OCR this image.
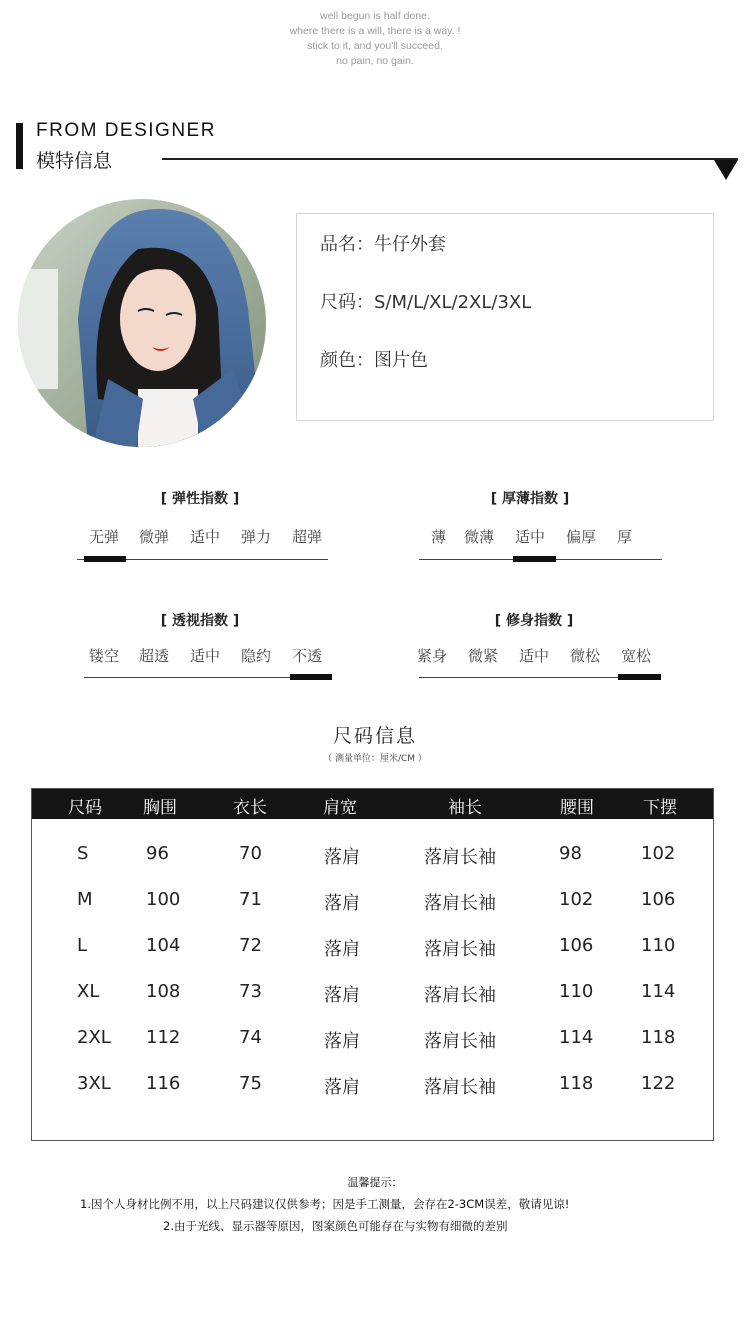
well begun is half done.
where there is a will, there is a way. !
stick to it, and you'll succeed.
no pain, no gain.
FROM DESIGNER
模特信息
品名：牛仔外套
尺码：S/M/L/XL/2XL/3XL
颜色：图片色
[ 弹性指数 ]
无弹 微弹 适中 弹力 超弹
[ 厚薄指数 ]
薄 微薄 适中 偏厚 厚
[ 透视指数 ]
镂空 超透 适中 隐约 不透
[ 修身指数 ]
紧身 微紧 适中 微松 宽松
尺码信息
（ 测量单位：厘米/CM ）
尺码 胸围	衣长	肩宽	袖长	腰围	下摆
S	96	70	落肩	落肩长袖	98	102
M	100	71	落肩	落肩长袖	102	106
L	104	72	落肩	落肩长袖	106	110
XL	108	73	落肩	落肩长袖	110	114
2XL 112	74	落肩	落肩长袖	114	118
3XL 116	75	落肩	落肩长袖	118	122
温馨提示：
1.因个人身材比例不用，以上尺码建议仅供参考；因是手工测量，会存在2-3CM误差，敬请见谅!
2.由于光线、显示器等原因，图案颜色可能存在与实物有细微的差别
